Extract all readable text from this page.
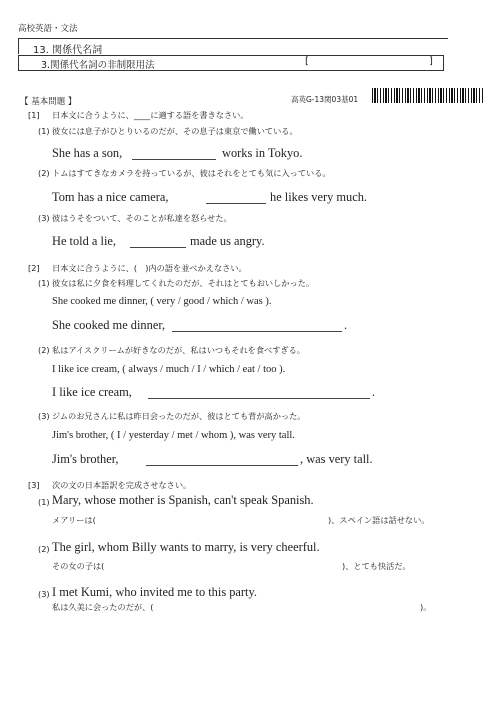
高校英語・文法
13. 関係代名詞
3.関係代名詞の非制限用法	[	]
【 基本問題 】	高英G-13関03基01
[1] 日本文に合うように、____に適する語を書きなさい。
(1) 彼女には息子がひとりいるのだが、その息子は東京で働いている。
She has a son,	works in Tokyo.
(2) トムはすてきなカメラを持っているが、彼はそれをとても気に入っている。
Tom has a nice camera,	he likes very much.
(3) 彼はうそをついて、そのことが私達を怒らせた。
He told a lie,	made us angry.
[2] 日本文に合うように、(　)内の語を並べかえなさい。
(1) 彼女は私に夕食を料理してくれたのだが、それはとてもおいしかった。
She cooked me dinner, ( very / good / which / was ).
She cooked me dinner,	.
(2) 私はアイスクリームが好きなのだが、私はいつもそれを食べすぎる。
I like ice cream, ( always / much / I / which / eat / too ).
I like ice cream,	.
(3) ジムのお兄さんに私は昨日会ったのだが、彼はとても背が高かった。
Jim's brother, ( I / yesterday / met / whom ), was very tall.
Jim's brother,	, was very tall.
[3] 次の文の日本語訳を完成させなさい。
(1) Mary, whose mother is Spanish, can't speak Spanish.
メアリーは(	)、スペイン語は話せない。
(2) The girl, whom Billy wants to marry, is very cheerful.
その女の子は(	)、とても快活だ。
(3) I met Kumi, who invited me to this party.
私は久美に会ったのだが、(	)。
